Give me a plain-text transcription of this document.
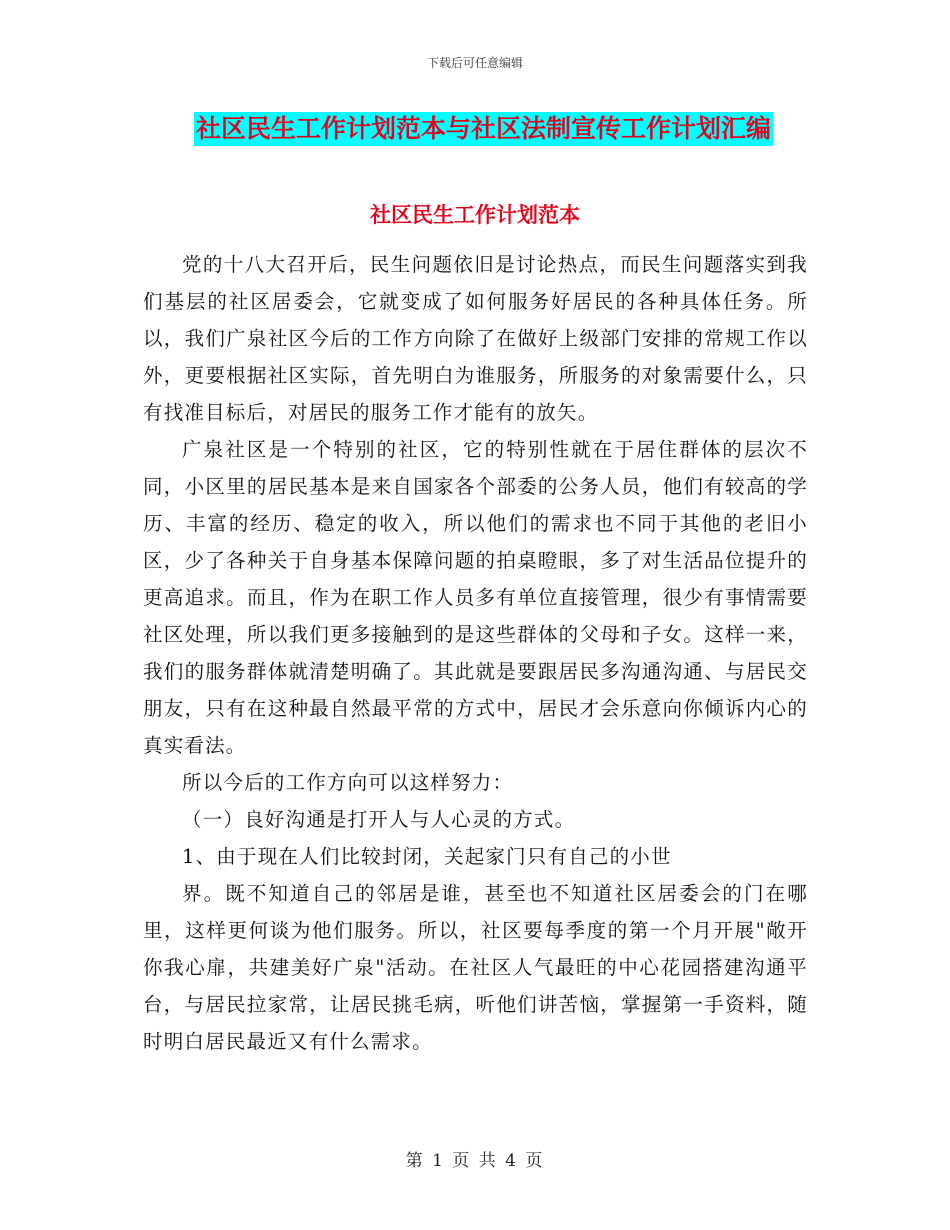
下载后可任意编辑
社区民生工作计划范本与社区法制宣传工作计划汇编
社区民生工作计划范本

党的十八大召开后，民生问题依旧是讨论热点，而民生问题落实到我们基层的社区居委会，它就变成了如何服务好居民的各种具体任务。所以，我们广泉社区今后的工作方向除了在做好上级部门安排的常规工作以外，更要根据社区实际，首先明白为谁服务，所服务的对象需要什么，只有找准目标后，对居民的服务工作才能有的放矢。

广泉社区是一个特别的社区，它的特别性就在于居住群体的层次不同，小区里的居民基本是来自国家各个部委的公务人员，他们有较高的学历、丰富的经历、稳定的收入，所以他们的需求也不同于其他的老旧小区，少了各种关于自身基本保障问题的拍桌瞪眼，多了对生活品位提升的更高追求。而且，作为在职工作人员多有单位直接管理，很少有事情需要社区处理，所以我们更多接触到的是这些群体的父母和子女。这样一来，我们的服务群体就清楚明确了。其此就是要跟居民多沟通沟通、与居民交朋友，只有在这种最自然最平常的方式中，居民才会乐意向你倾诉内心的真实看法。

所以今后的工作方向可以这样努力：

（一）良好沟通是打开人与人心灵的方式。

1、由于现在人们比较封闭，关起家门只有自己的小世

界。既不知道自己的邻居是谁，甚至也不知道社区居委会的门在哪里，这样更何谈为他们服务。所以，社区要每季度的第一个月开展"敞开你我心扉，共建美好广泉"活动。在社区人气最旺的中心花园搭建沟通平台，与居民拉家常，让居民挑毛病，听他们讲苦恼，掌握第一手资料，随时明白居民最近又有什么需求。

第 1 页 共 4 页
